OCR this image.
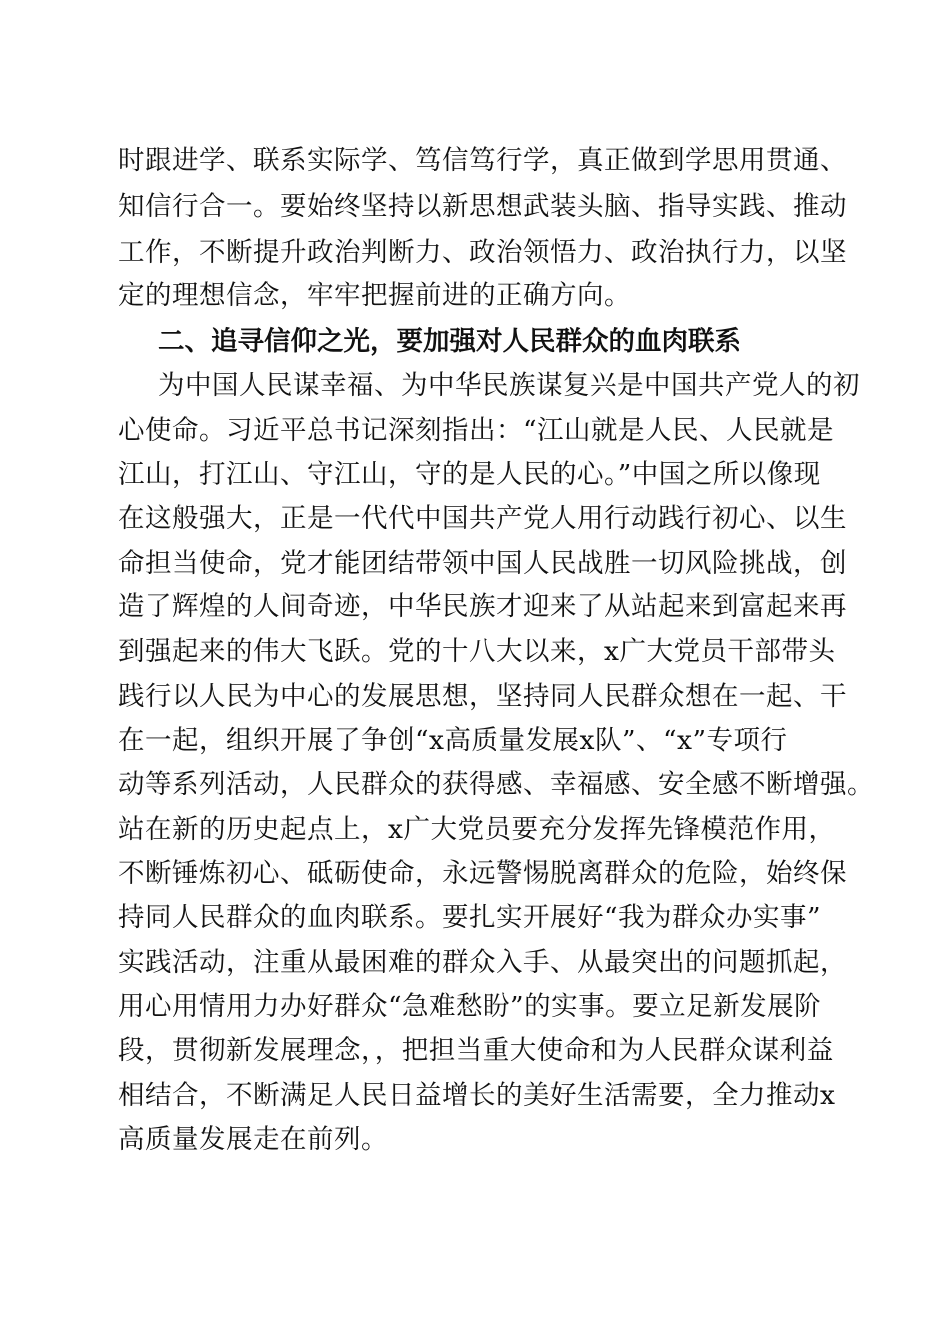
时跟进学、联系实际学、笃信笃行学，真正做到学思用贯通、
知信行合一。要始终坚持以新思想武装头脑、指导实践、推动
工作，不断提升政治判断力、政治领悟力、政治执行力，以坚
定的理想信念，牢牢把握前进的正确方向。
二、追寻信仰之光，要加强对人民群众的血肉联系
为中国人民谋幸福、为中华民族谋复兴是中国共产党人的初
心使命。习近平总书记深刻指出：“江山就是人民、人民就是
江山，打江山、守江山，守的是人民的心。”中国之所以像现
在这般强大，正是一代代中国共产党人用行动践行初心、以生
命担当使命，党才能团结带领中国人民战胜一切风险挑战，创
造了辉煌的人间奇迹，中华民族才迎来了从站起来到富起来再
到强起来的伟大飞跃。党的十八大以来，x广大党员干部带头
践行以人民为中心的发展思想，坚持同人民群众想在一起、干
在一起，组织开展了争创“x高质量发展x队”、“x”专项行
动等系列活动，人民群众的获得感、幸福感、安全感不断增强。
站在新的历史起点上，x广大党员要充分发挥先锋模范作用，
不断锤炼初心、砥砺使命，永远警惕脱离群众的危险，始终保
持同人民群众的血肉联系。要扎实开展好“我为群众办实事”
实践活动，注重从最困难的群众入手、从最突出的问题抓起，
用心用情用力办好群众“急难愁盼”的实事。要立足新发展阶
段，贯彻新发展理念，，把担当重大使命和为人民群众谋利益
相结合，不断满足人民日益增长的美好生活需要，全力推动x
高质量发展走在前列。
